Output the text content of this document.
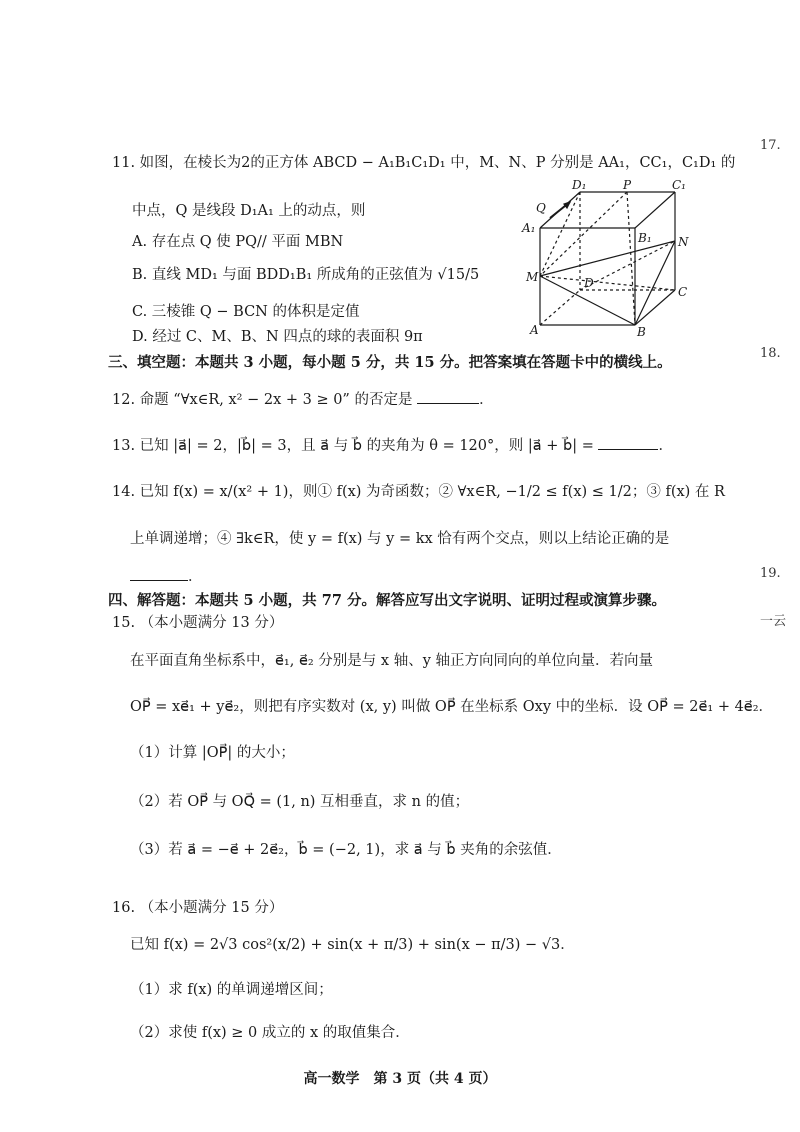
17.
18.
19.
一云
11. 如图，在棱长为2的正方体 ABCD − A₁B₁C₁D₁ 中，M、N、P 分别是 AA₁，CC₁，C₁D₁ 的
中点，Q 是线段 D₁A₁ 上的动点，则
A. 存在点 Q 使 PQ// 平面 MBN
B. 直线 MD₁ 与面 BDD₁B₁ 所成角的正弦值为 √15/5
C. 三棱锥 Q − BCN 的体积是定值
D. 经过 C、M、B、N 四点的球的表面积 9π
D₁	P	C₁
Q
A₁
B₁ N
M	D
C
A	B
三、填空题：本题共 3 小题，每小题 5 分，共 15 分。把答案填在答题卡中的横线上。
12. 命题 “∀x∈R, x² − 2x + 3 ≥ 0” 的否定是	．
13. 已知 |a⃗| = 2，|b⃗| = 3，且 a⃗ 与 b⃗ 的夹角为 θ = 120°，则 |a⃗ + b⃗| =	．
14. 已知 f(x) = x/(x² + 1)，则① f(x) 为奇函数；② ∀x∈R, −1/2 ≤ f(x) ≤ 1/2；③ f(x) 在 R
上单调递增；④ ∃k∈R，使 y = f(x) 与 y = kx 恰有两个交点，则以上结论正确的是
．
四、解答题：本题共 5 小题，共 77 分。解答应写出文字说明、证明过程或演算步骤。
15. （本小题满分 13 分）
在平面直角坐标系中，e⃗₁, e⃗₂ 分别是与 x 轴、y 轴正方向同向的单位向量．若向量
OP⃗ = xe⃗₁ + ye⃗₂，则把有序实数对 (x, y) 叫做 OP⃗ 在坐标系 Oxy 中的坐标．设 OP⃗ = 2e⃗₁ + 4e⃗₂．
（1）计算 |OP⃗| 的大小；
（2）若 OP⃗ 与 OQ⃗ = (1, n) 互相垂直，求 n 的值；
（3）若 a⃗ = −e⃗ + 2e⃗₂，b⃗ = (−2, 1)，求 a⃗ 与 b⃗ 夹角的余弦值．
16. （本小题满分 15 分）
已知 f(x) = 2√3 cos²(x/2) + sin(x + π/3) + sin(x − π/3) − √3．
（1）求 f(x) 的单调递增区间；
（2）求使 f(x) ≥ 0 成立的 x 的取值集合．
高一数学　第 3 页（共 4 页）
